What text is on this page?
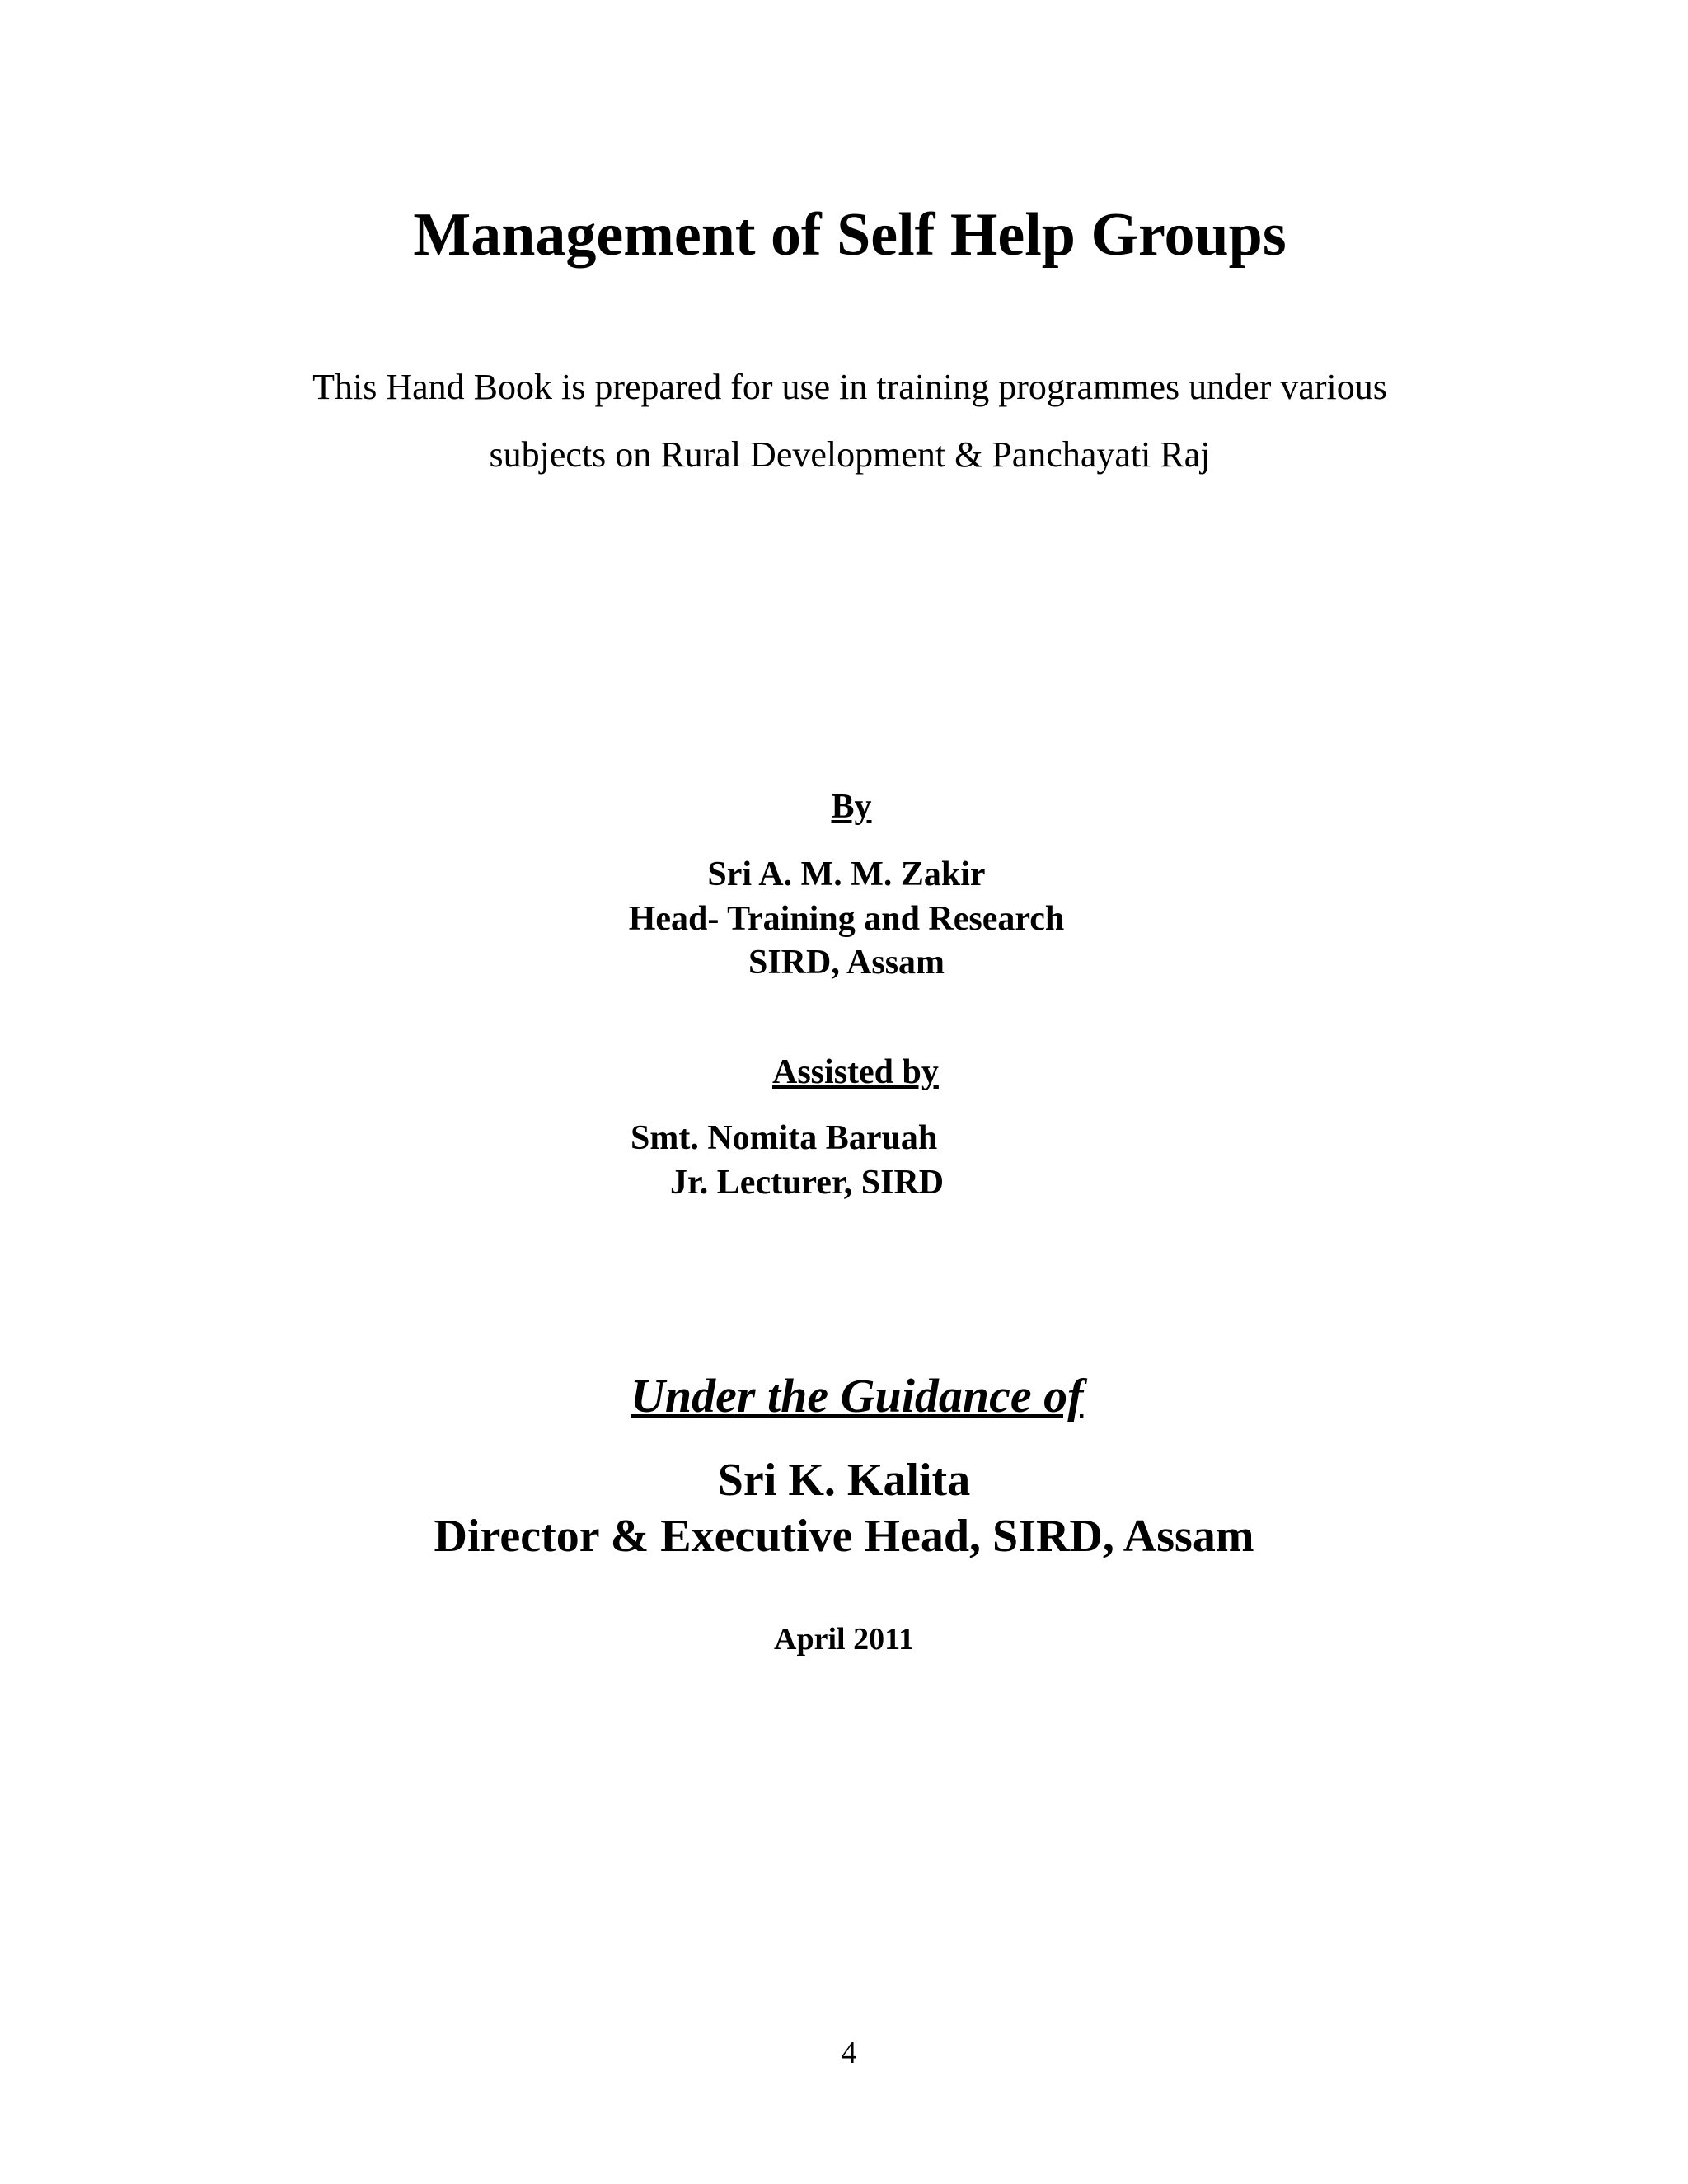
Management of Self Help Groups
This Hand Book is prepared for use in training programmes under various
subjects on Rural Development & Panchayati Raj
By
Sri A. M. M. Zakir
Head- Training and Research
SIRD, Assam
Assisted by
Smt. Nomita Baruah
Jr. Lecturer, SIRD
Under the Guidance of
Sri K. Kalita
Director & Executive Head, SIRD, Assam
April 2011
4
